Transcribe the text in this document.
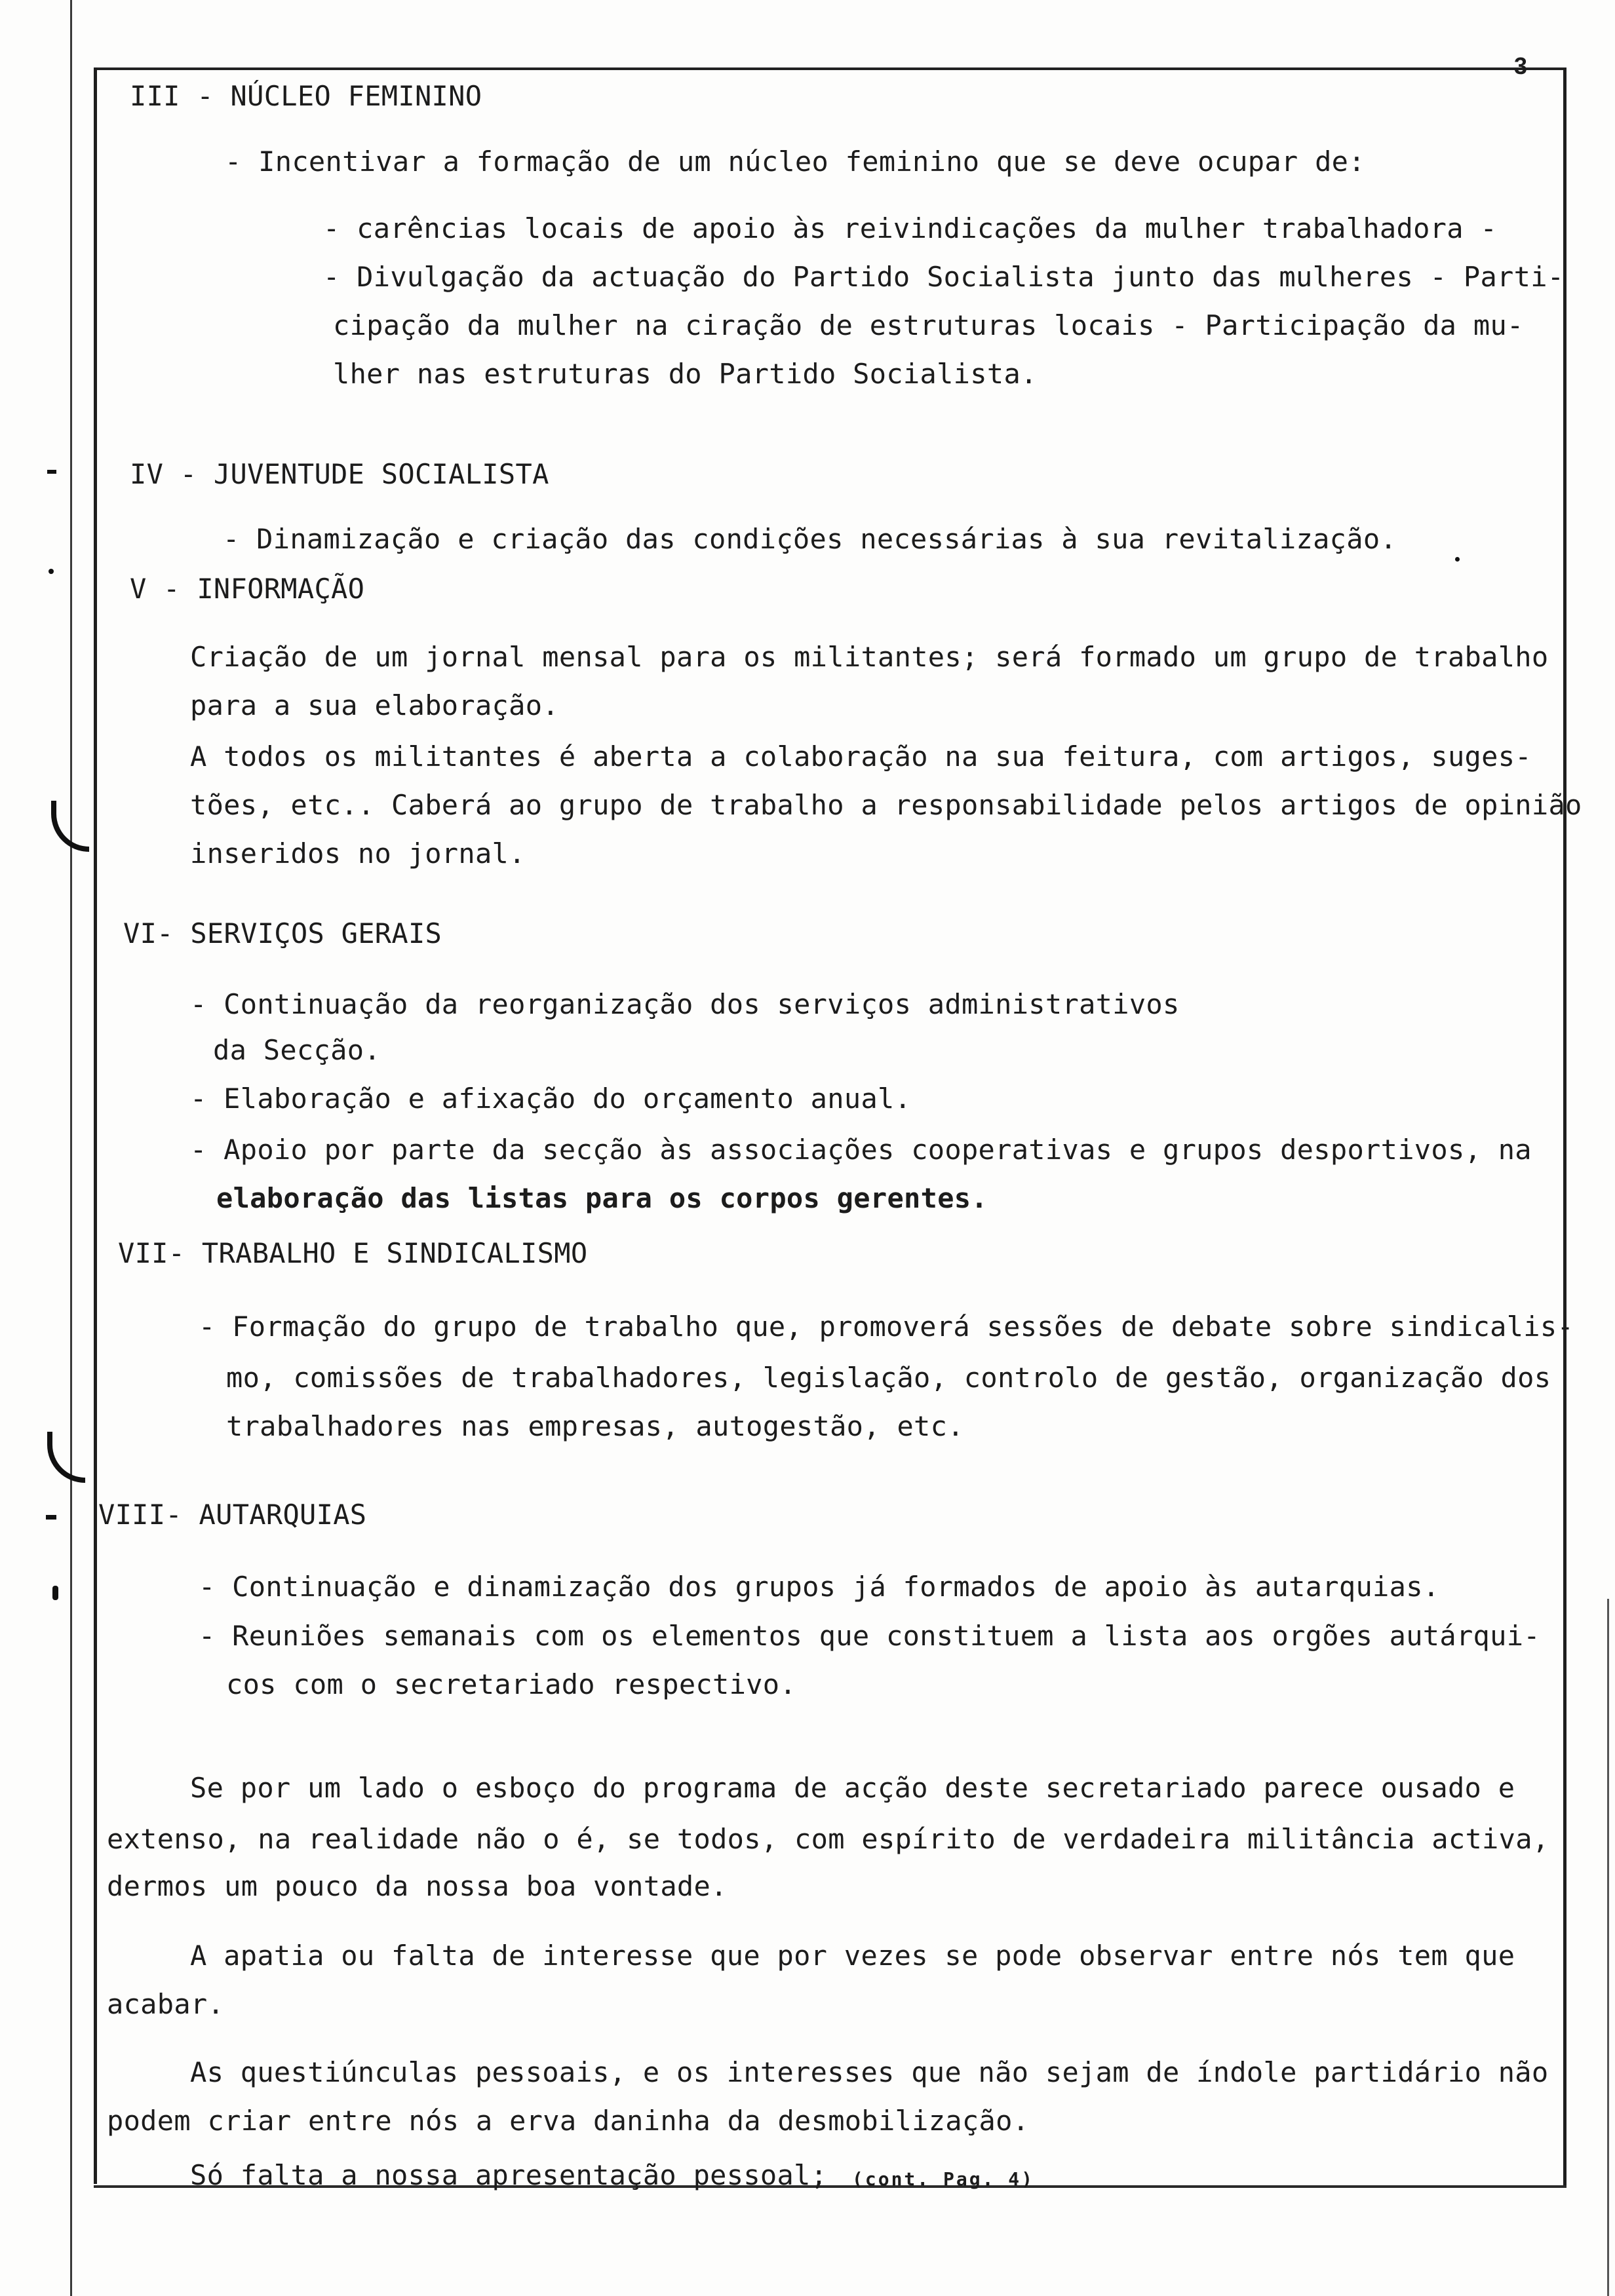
3
III - NÚCLEO FEMININO
- Incentivar a formação de um núcleo feminino que se deve ocupar de:
- carências locais de apoio às reivindicações da mulher trabalhadora -
- Divulgação da actuação do Partido Socialista junto das mulheres - Parti-
cipação da mulher na ciração de estruturas locais - Participação da mu-
lher nas estruturas do Partido Socialista.
IV - JUVENTUDE SOCIALISTA
- Dinamização e criação das condições necessárias à sua revitalização.
V - INFORMAÇÃO
Criação de um jornal mensal para os militantes; será formado um grupo de trabalho
para a sua elaboração.
A todos os militantes é aberta a colaboração na sua feitura, com artigos, suges-
tões, etc.. Caberá ao grupo de trabalho a responsabilidade pelos artigos de opinião
inseridos no jornal.
VI- SERVIÇOS GERAIS
- Continuação da reorganização dos serviços administrativos
da Secção.
- Elaboração e afixação do orçamento anual.
- Apoio por parte da secção às associações cooperativas e grupos desportivos, na
elaboração das listas para os corpos gerentes.
VII- TRABALHO E SINDICALISMO
- Formação do grupo de trabalho que, promoverá sessões de debate sobre sindicalis-
mo, comissões de trabalhadores, legislação, controlo de gestão, organização dos
trabalhadores nas empresas, autogestão, etc.
VIII- AUTARQUIAS
- Continuação e dinamização dos grupos já formados de apoio às autarquias.
- Reuniões semanais com os elementos que constituem a lista aos orgões autárqui-
cos com o secretariado respectivo.
Se por um lado o esboço do programa de acção deste secretariado parece ousado e
extenso, na realidade não o é, se todos, com espírito de verdadeira militância activa,
dermos um pouco da nossa boa vontade.
A apatia ou falta de interesse que por vezes se pode observar entre nós tem que
acabar.
As questiúnculas pessoais, e os interesses que não sejam de índole partidário não
podem criar entre nós a erva daninha da desmobilização.
Só falta a nossa apresentação pessoal; (cont. Pag. 4)
